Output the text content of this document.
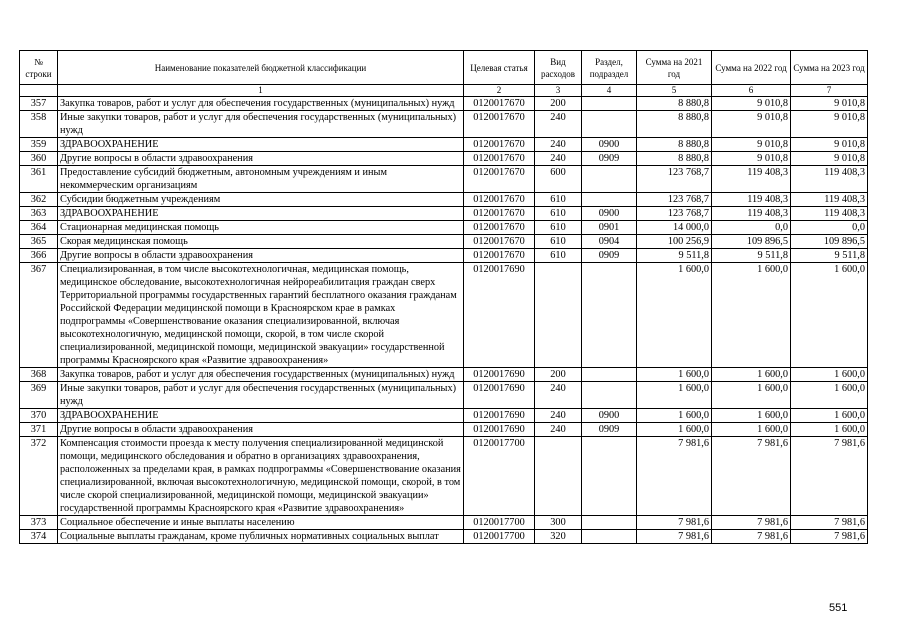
№ строки	Наименование показателей бюджетной классификации	Целевая статья	Вид расходов	Раздел, подраздел	Сумма на 2021 год	Сумма на 2022 год	Сумма на 2023 год
	1	2	3	4	5	6	7
357	Закупка товаров, работ и услуг для обеспечения государственных (муниципальных) нужд	0120017670	200		8 880,8	9 010,8	9 010,8
358	Иные закупки товаров, работ и услуг для обеспечения государственных (муниципальных) нужд	0120017670	240		8 880,8	9 010,8	9 010,8
359	ЗДРАВООХРАНЕНИЕ	0120017670	240	0900	8 880,8	9 010,8	9 010,8
360	Другие вопросы в области здравоохранения	0120017670	240	0909	8 880,8	9 010,8	9 010,8
361	Предоставление субсидий бюджетным, автономным учреждениям и иным некоммерческим организациям	0120017670	600		123 768,7	119 408,3	119 408,3
362	Субсидии бюджетным учреждениям	0120017670	610		123 768,7	119 408,3	119 408,3
363	ЗДРАВООХРАНЕНИЕ	0120017670	610	0900	123 768,7	119 408,3	119 408,3
364	Стационарная медицинская помощь	0120017670	610	0901	14 000,0	0,0	0,0
365	Скорая медицинская помощь	0120017670	610	0904	100 256,9	109 896,5	109 896,5
366	Другие вопросы в области здравоохранения	0120017670	610	0909	9 511,8	9 511,8	9 511,8
367	Специализированная, в том числе высокотехнологичная, медицинская помощь, медицинское обследование, высокотехнологичная нейрореабилитация граждан сверх Территориальной программы государственных гарантий бесплатного оказания гражданам Российской Федерации медицинской помощи в Красноярском крае в рамках подпрограммы «Совершенствование оказания специализированной, включая высокотехнологичную, медицинской помощи, скорой, в том числе скорой специализированной, медицинской помощи, медицинской эвакуации» государственной программы Красноярского края «Развитие здравоохранения»	0120017690			1 600,0	1 600,0	1 600,0
368	Закупка товаров, работ и услуг для обеспечения государственных (муниципальных) нужд	0120017690	200		1 600,0	1 600,0	1 600,0
369	Иные закупки товаров, работ и услуг для обеспечения государственных (муниципальных) нужд	0120017690	240		1 600,0	1 600,0	1 600,0
370	ЗДРАВООХРАНЕНИЕ	0120017690	240	0900	1 600,0	1 600,0	1 600,0
371	Другие вопросы в области здравоохранения	0120017690	240	0909	1 600,0	1 600,0	1 600,0
372	Компенсация стоимости проезда к месту получения специализированной медицинской помощи, медицинского обследования и обратно в организациях здравоохранения, расположенных за пределами края, в рамках подпрограммы «Совершенствование оказания специализированной, включая высокотехнологичную, медицинской помощи, скорой, в том числе скорой специализированной, медицинской помощи, медицинской эвакуации» государственной программы Красноярского края «Развитие здравоохранения»	0120017700			7 981,6	7 981,6	7 981,6
373	Социальное обеспечение и иные выплаты населению	0120017700	300		7 981,6	7 981,6	7 981,6
374	Социальные выплаты гражданам, кроме публичных нормативных социальных выплат	0120017700	320		7 981,6	7 981,6	7 981,6
551
